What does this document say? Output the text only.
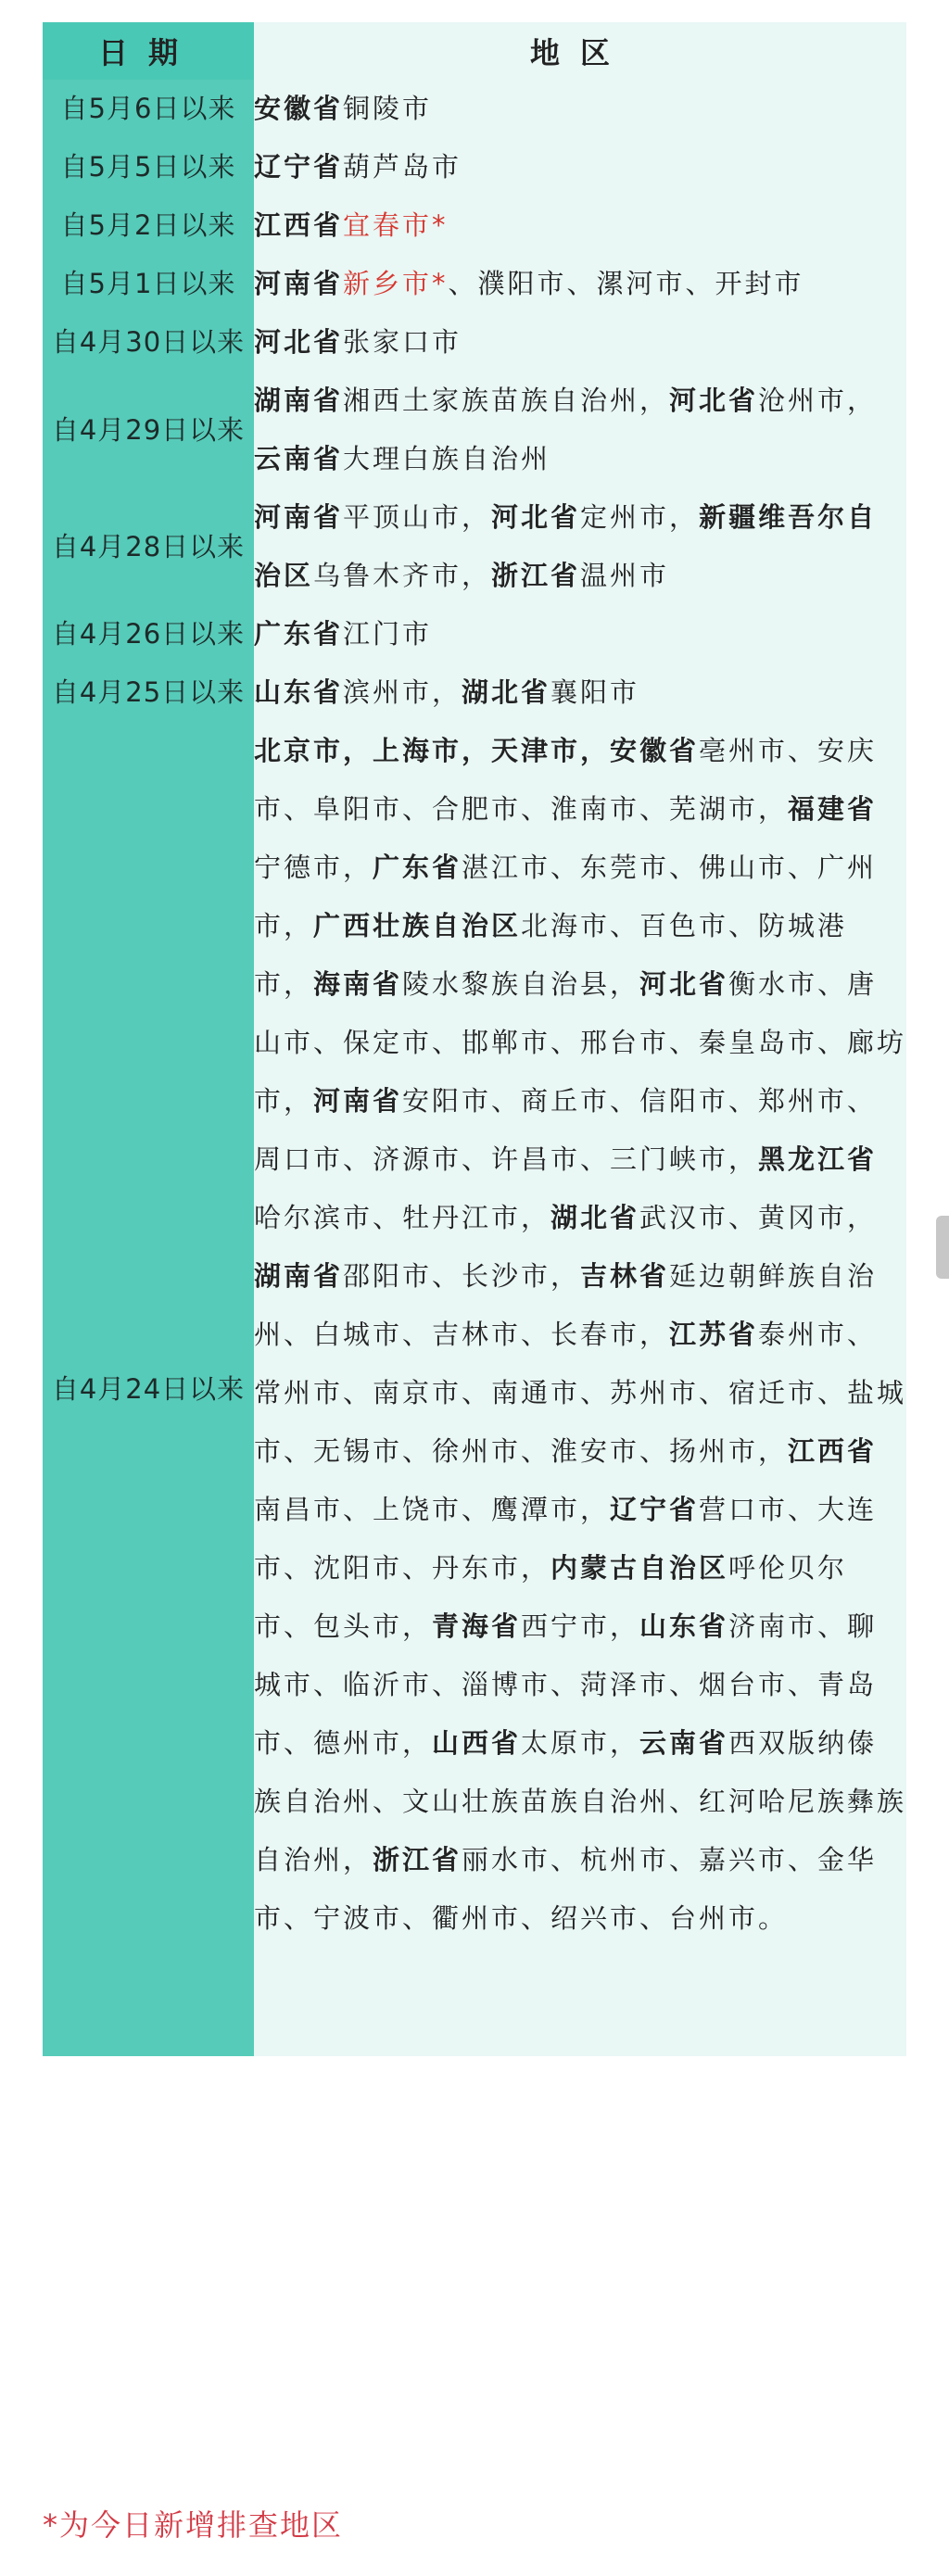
日期	地区
自5月6日以来	安徽省铜陵市
自5月5日以来	辽宁省葫芦岛市
自5月2日以来	江西省宜春市*
自5月1日以来	河南省新乡市*、濮阳市、漯河市、开封市
自4月30日以来	河北省张家口市
自4月29日以来	湖南省湘西土家族苗族自治州，河北省沧州市，云南省大理白族自治州
自4月28日以来	河南省平顶山市，河北省定州市，新疆维吾尔自治区乌鲁木齐市，浙江省温州市
自4月26日以来	广东省江门市
自4月25日以来	山东省滨州市，湖北省襄阳市
自4月24日以来	北京市，上海市，天津市，安徽省亳州市、安庆市、阜阳市、合肥市、淮南市、芜湖市，福建省宁德市，广东省湛江市、东莞市、佛山市、广州市，广西壮族自治区北海市、百色市、防城港市，海南省陵水黎族自治县，河北省衡水市、唐山市、保定市、邯郸市、邢台市、秦皇岛市、廊坊市，河南省安阳市、商丘市、信阳市、郑州市、周口市、济源市、许昌市、三门峡市，黑龙江省哈尔滨市、牡丹江市，湖北省武汉市、黄冈市，湖南省邵阳市、长沙市，吉林省延边朝鲜族自治州、白城市、吉林市、长春市，江苏省泰州市、常州市、南京市、南通市、苏州市、宿迁市、盐城市、无锡市、徐州市、淮安市、扬州市，江西省南昌市、上饶市、鹰潭市，辽宁省营口市、大连市、沈阳市、丹东市，内蒙古自治区呼伦贝尔市、包头市，青海省西宁市，山东省济南市、聊城市、临沂市、淄博市、菏泽市、烟台市、青岛市、德州市，山西省太原市，云南省西双版纳傣族自治州、文山壮族苗族自治州、红河哈尼族彝族自治州，浙江省丽水市、杭州市、嘉兴市、金华市、宁波市、衢州市、绍兴市、台州市。
*为今日新增排查地区
